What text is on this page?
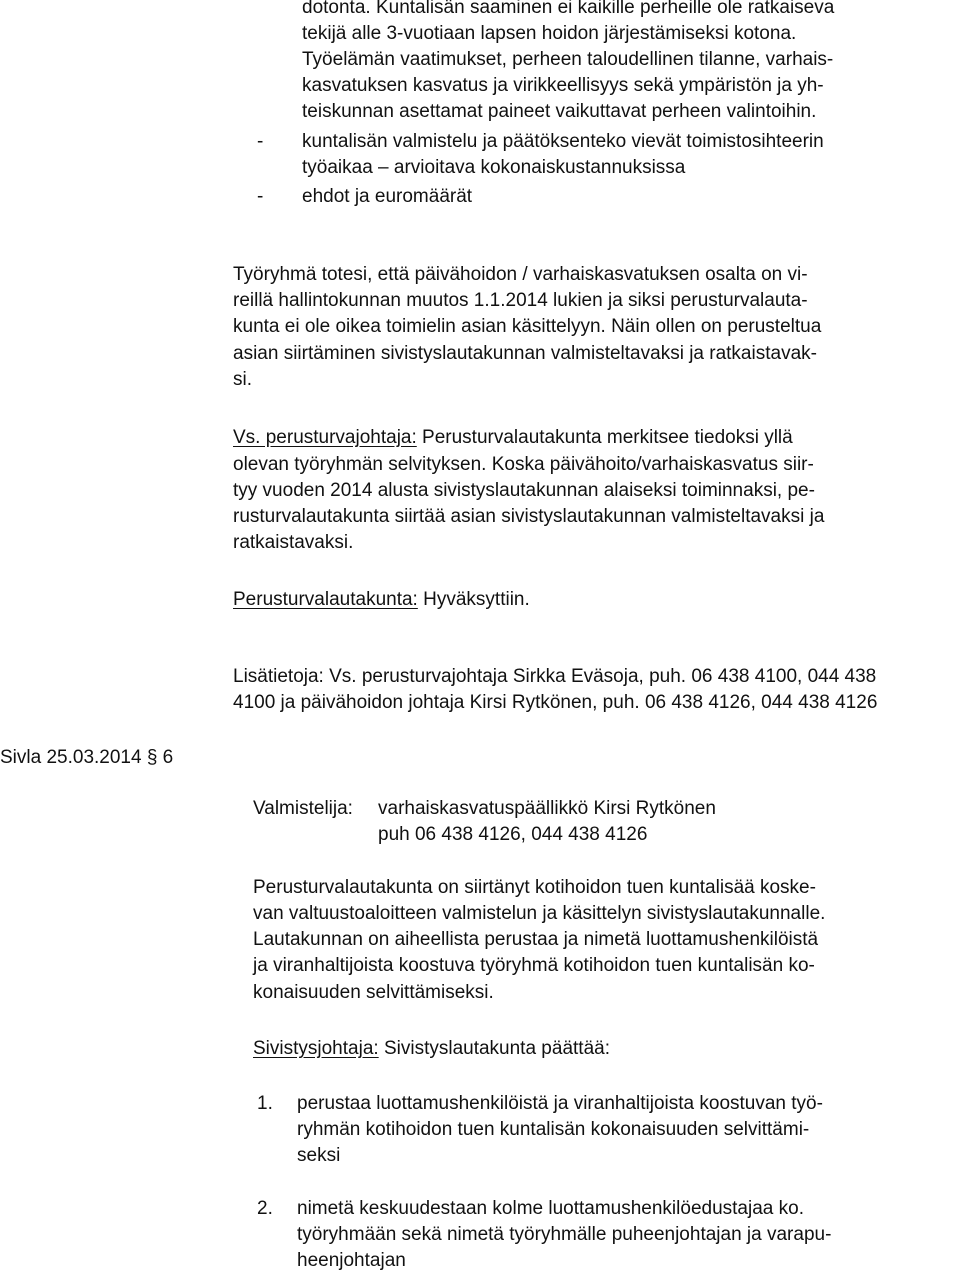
dotonta. Kuntalisän saaminen ei kaikille perheille ole ratkaiseva
tekijä alle 3-vuotiaan lapsen hoidon järjestämiseksi kotona.
Työelämän vaatimukset, perheen taloudellinen tilanne, varhais-
kasvatuksen kasvatus ja virikkeellisyys sekä ympäristön ja yh-
teiskunnan asettamat paineet vaikuttavat perheen valintoihin.
- kuntalisän valmistelu ja päätöksenteko vievät toimistosihteerin
työaikaa – arvioitava kokonaiskustannuksissa
- ehdot ja euromäärät
Työryhmä totesi, että päivähoidon / varhaiskasvatuksen osalta on vi-
reillä hallintokunnan muutos 1.1.2014 lukien ja siksi perusturvalauta-
kunta ei ole oikea toimielin asian käsittelyyn. Näin ollen on perusteltua
asian siirtäminen sivistyslautakunnan valmisteltavaksi ja ratkaistavak-
si.
Vs. perusturvajohtaja: Perusturvalautakunta merkitsee tiedoksi yllä
olevan työryhmän selvityksen. Koska päivähoito/varhaiskasvatus siir-
tyy vuoden 2014 alusta sivistyslautakunnan alaiseksi toiminnaksi, pe-
rusturvalautakunta siirtää asian sivistyslautakunnan valmisteltavaksi ja
ratkaistavaksi.
Perusturvalautakunta: Hyväksyttiin.
Lisätietoja: Vs. perusturvajohtaja Sirkka Eväsoja, puh. 06 438 4100, 044 438
4100 ja päivähoidon johtaja Kirsi Rytkönen, puh. 06 438 4126, 044 438 4126
Sivla 25.03.2014 § 6
Valmistelija: varhaiskasvatuspäällikkö Kirsi Rytkönen
puh 06 438 4126, 044 438 4126
Perusturvalautakunta on siirtänyt kotihoidon tuen kuntalisää koske-
van valtuustoaloitteen valmistelun ja käsittelyn sivistyslautakunnalle.
Lautakunnan on aiheellista perustaa ja nimetä luottamushenkilöistä
ja viranhaltijoista koostuva työryhmä kotihoidon tuen kuntalisän ko-
konaisuuden selvittämiseksi.
Sivistysjohtaja: Sivistyslautakunta päättää:
1. perustaa luottamushenkilöistä ja viranhaltijoista koostuvan työ-
ryhmän kotihoidon tuen kuntalisän kokonaisuuden selvittämi-
seksi
2. nimetä keskuudestaan kolme luottamushenkilöedustajaa ko.
työryhmään sekä nimetä työryhmälle puheenjohtajan ja varapu-
heenjohtajan
